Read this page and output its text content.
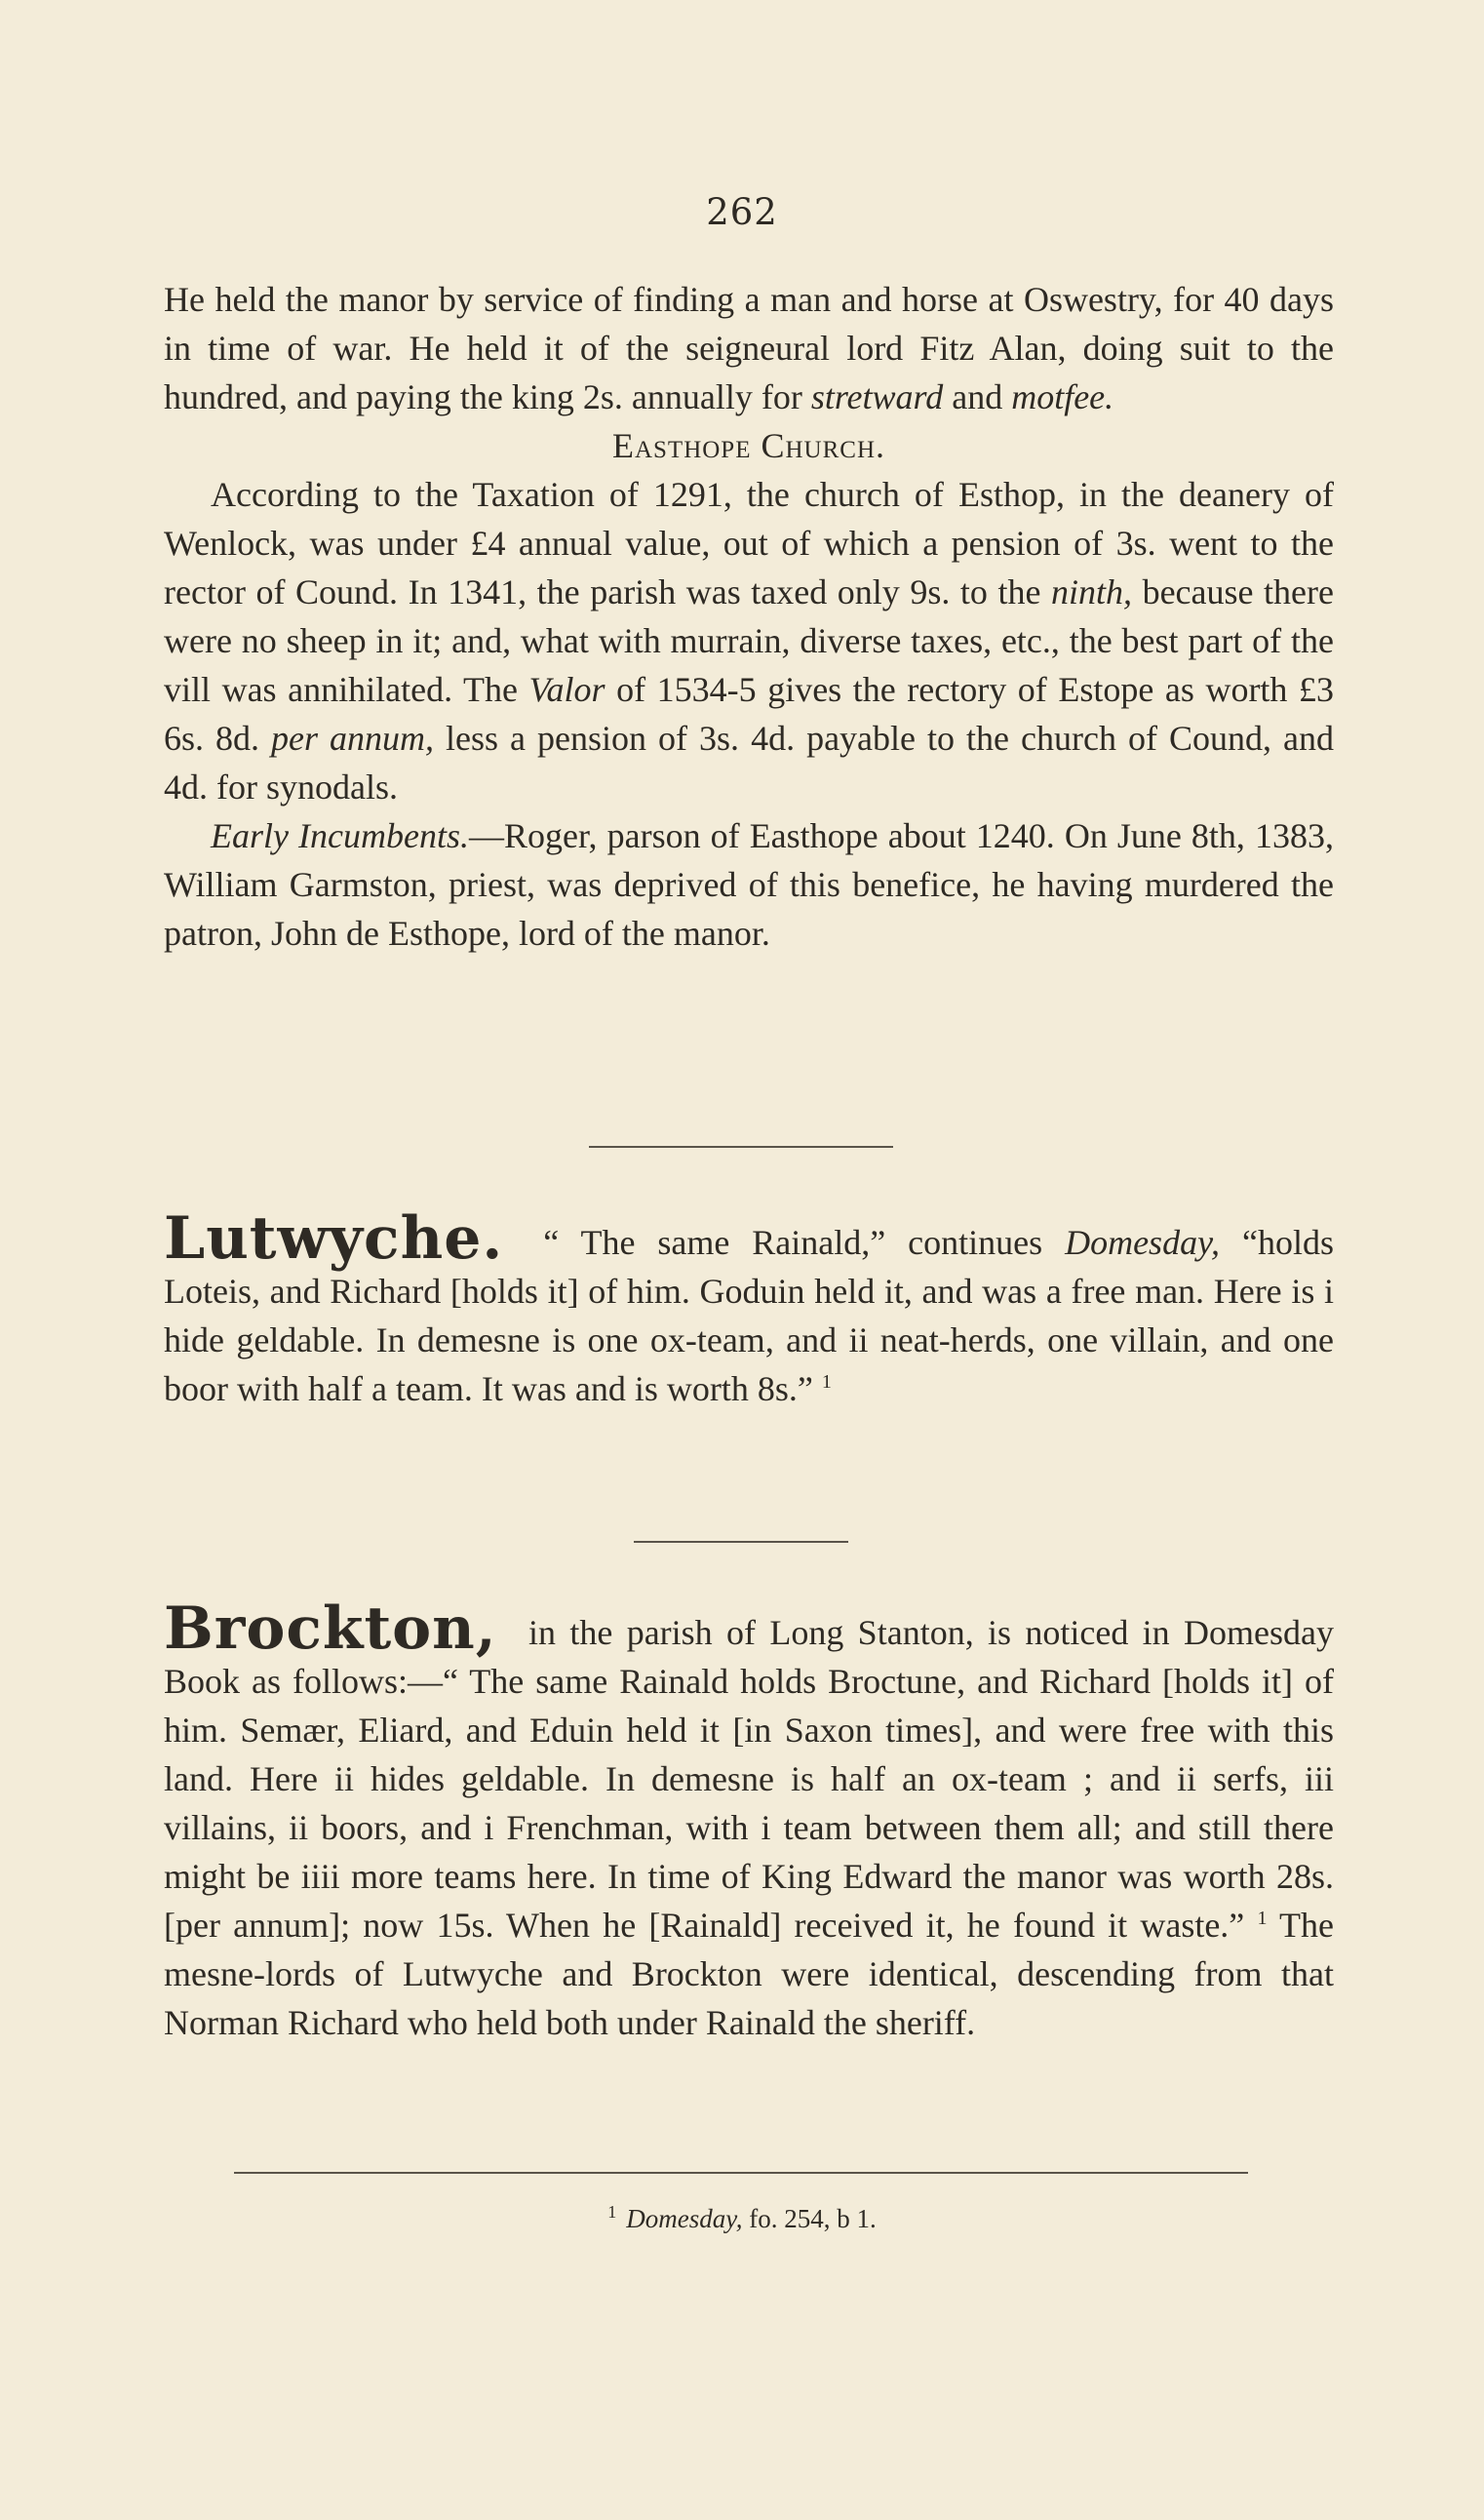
262

He held the manor by service of finding a man and horse at Oswestry, for 40 days in time of war. He held it of the seigneural lord Fitz Alan, doing suit to the hundred, and paying the king 2s. annually for stretward and motfee.

Easthope Church.

According to the Taxation of 1291, the church of Esthop, in the deanery of Wenlock, was under £4 annual value, out of which a pension of 3s. went to the rector of Cound. In 1341, the parish was taxed only 9s. to the ninth, because there were no sheep in it; and, what with murrain, diverse taxes, etc., the best part of the vill was annihilated. The Valor of 1534-5 gives the rectory of Estope as worth £3 6s. 8d. per annum, less a pension of 3s. 4d. payable to the church of Cound, and 4d. for synodals.

Early Incumbents.—Roger, parson of Easthope about 1240. On June 8th, 1383, William Garmston, priest, was deprived of this benefice, he having murdered the patron, John de Esthope, lord of the manor.

Lutwyche. “ The same Rainald,” continues Domesday, “holds Loteis, and Richard [holds it] of him. Goduin held it, and was a free man. Here is i hide geldable. In demesne is one ox-team, and ii neat-herds, one villain, and one boor with half a team. It was and is worth 8s.” $^1$

Brockton, in the parish of Long Stanton, is noticed in Domesday Book as follows:—“ The same Rainald holds Broctune, and Richard [holds it] of him. Semær, Eliard, and Eduin held it [in Saxon times], and were free with this land. Here ii hides geldable. In demesne is half an ox-team ; and ii serfs, iii villains, ii boors, and i Frenchman, with i team between them all; and still there might be iiii more teams here. In time of King Edward the manor was worth 28s. [per annum]; now 15s. When he [Rainald] received it, he found it waste.” $^1$ The mesne-lords of Lutwyche and Brockton were identical, descending from that Norman Richard who held both under Rainald the sheriff.

$^1$ Domesday, fo. 254, b 1.
